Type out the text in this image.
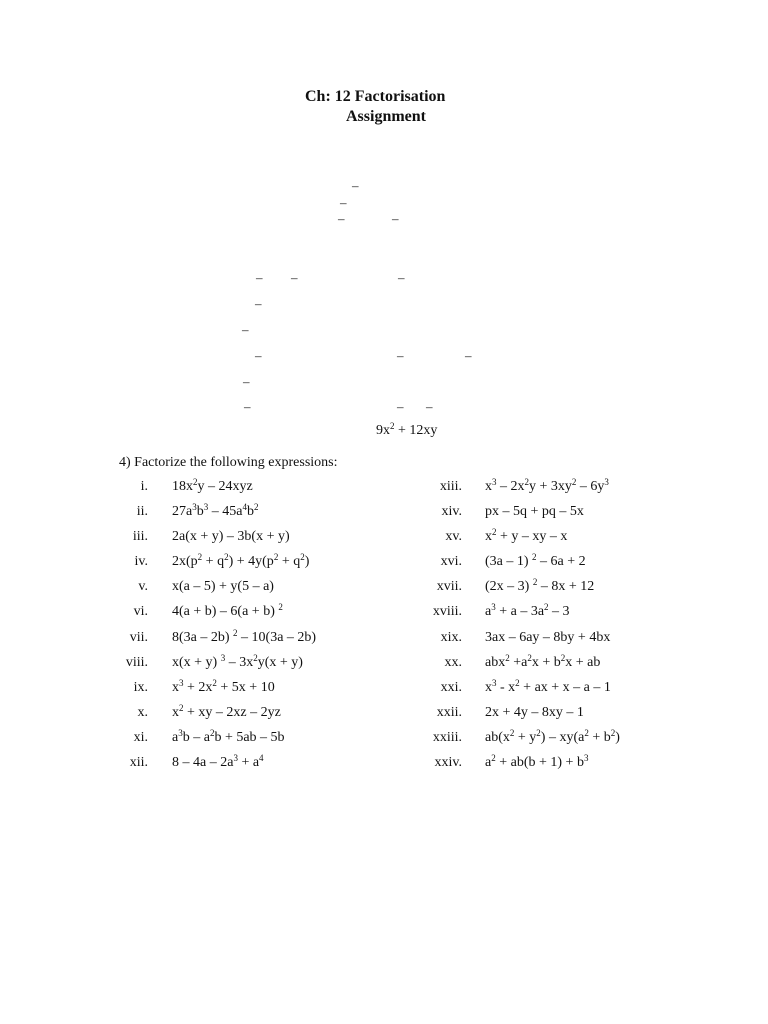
Ch: 12 Factorisation
Assignment
–
–
–	–
– –	–
–
–
–	–	–
–
–	– –
$9x^2 + 12xy$
4) Factorize the following expressions:
i. $18x^2y - 24xyz$
ii. $27a^3b^3 - 45a^4b^2$
iii. 2a(x + y) – 3b(x + y)
iv. $2x(p^2 + q^2) + 4y(p^2 + q^2)$
v. x(a – 5) + y(5 – a)
vi. 4(a + b) – 6(a + b) $^2$
vii. 8(3a – 2b) $^2$ – 10(3a – 2b)
viii. x(x + y) $^3 - 3x^2y(x + y)$
ix. $x^3 + 2x^2 + 5x + 10$
x. $x^2$ + xy – 2xz – 2yz
xi. $a^3b - a^2b + 5ab - 5b$
xii. $8 - 4a - 2a^3 + a^4$
xiii. $x^3 - 2x^2y + 3xy^2 - 6y^3$
xiv. px – 5q + pq – 5x
xv. $x^2 + y$ – xy – x
xvi. (3a – 1) $^2$ – 6a + 2
xvii. (2x – 3) $^2$ – 8x + 12
xviii. $a^3 + a - 3a^2 - 3$
xix. 3ax – 6ay – 8by + 4bx
xx. $abx^2 +a^2x + b^2x$ + ab
xxi. $x^3 - x^2$ + ax + x – a – 1
xxii. 2x + 4y – 8xy – 1
xxiii. $ab(x^2 + y^2) - xy(a^2 + b^2)$
xxiv. $a^2 + ab(b + 1) + b^3$
